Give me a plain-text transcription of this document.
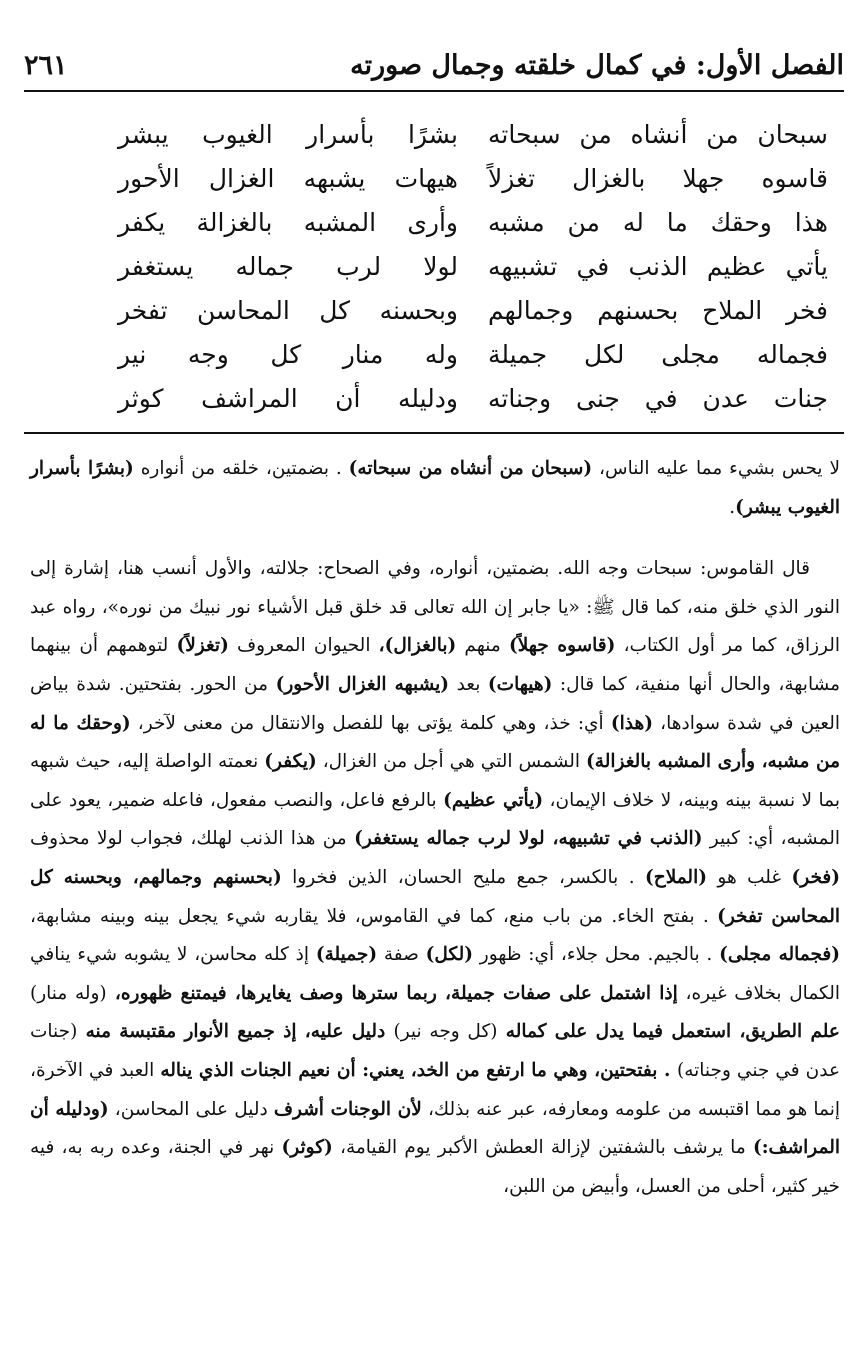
الفصل الأول: في كمال خلقته وجمال صورته
٢٦١
سبحان من أنشاه من سبحاته
بشرًا بأسرار الغيوب يبشر
قاسوه جهلا بالغزال تغزلاً
هيهات يشبهه الغزال الأحور
هذا وحقك ما له من مشبه
وأرى المشبه بالغزالة يكفر
يأتي عظيم الذنب في تشبيهه
لولا لرب جماله يستغفر
فخر الملاح بحسنهم وجمالهم
وبحسنه كل المحاسن تفخر
فجماله مجلى لكل جميلة
وله منار كل وجه نير
جنات عدن في جنى وجناته
ودليله أن المراشف كوثر

لا يحس بشيء مما عليه الناس، (سبحان من أنشاه من سبحاته) . بضمتين، خلقه من أنواره (بشرًا بأسرار الغيوب يبشر).

قال القاموس: سبحات وجه الله. بضمتين، أنواره، وفي الصحاح: جلالته، والأول أنسب هنا، إشارة إلى النور الذي خلق منه، كما قال ﷺ: «يا جابر إن الله تعالى قد خلق قبل الأشياء نور نبيك من نوره»، رواه عبد الرزاق، كما مر أول الكتاب، (قاسوه جهلاً) منهم (بالغزال)، الحيوان المعروف (تغزلاً) لتوهمهم أن بينهما مشابهة، والحال أنها منفية، كما قال: (هيهات) بعد (يشبهه الغزال الأحور) من الحور. بفتحتين. شدة بياض العين في شدة سوادها، (هذا) أي: خذ، وهي كلمة يؤتى بها للفصل والانتقال من معنى لآخر، (وحقك ما له من مشبه، وأرى المشبه بالغزالة) الشمس التي هي أجل من الغزال، (يكفر) نعمته الواصلة إليه، حيث شبهه بما لا نسبة بينه وبينه، لا خلاف الإيمان، (يأتي عظيم) بالرفع فاعل، والنصب مفعول، فاعله ضمير، يعود على المشبه، أي: كبير (الذنب في تشبيهه، لولا لرب جماله يستغفر) من هذا الذنب لهلك، فجواب لولا محذوف (فخر) غلب هو (الملاح) . بالكسر، جمع مليح الحسان، الذين فخروا (بحسنهم وجمالهم، وبحسنه كل المحاسن تفخر) . بفتح الخاء. من باب منع، كما في القاموس، فلا يقاربه شيء يجعل بينه وبينه مشابهة، (فجماله مجلى) . بالجيم. محل جلاء، أي: ظهور (لكل) صفة (جميلة) إذ كله محاسن، لا يشوبه شيء ينافي الكمال بخلاف غيره، إذا اشتمل على صفات جميلة، ربما سترها وصف يغايرها، فيمتنع ظهوره، (وله منار) علم الطريق، استعمل فيما يدل على كماله (كل وجه نير) دليل عليه، إذ جميع الأنوار مقتبسة منه (جنات عدن في جني وجناته) . بفتحتين، وهي ما ارتفع من الخد، يعني: أن نعيم الجنات الذي يناله العبد في الآخرة، إنما هو مما اقتبسه من علومه ومعارفه، عبر عنه بذلك، لأن الوجنات أشرف دليل على المحاسن، (ودليله أن المراشف:) ما يرشف بالشفتين لإزالة العطش الأكبر يوم القيامة، (كوثر) نهر في الجنة، وعده ربه به، فيه خير كثير، أحلى من العسل، وأبيض من اللبن،
